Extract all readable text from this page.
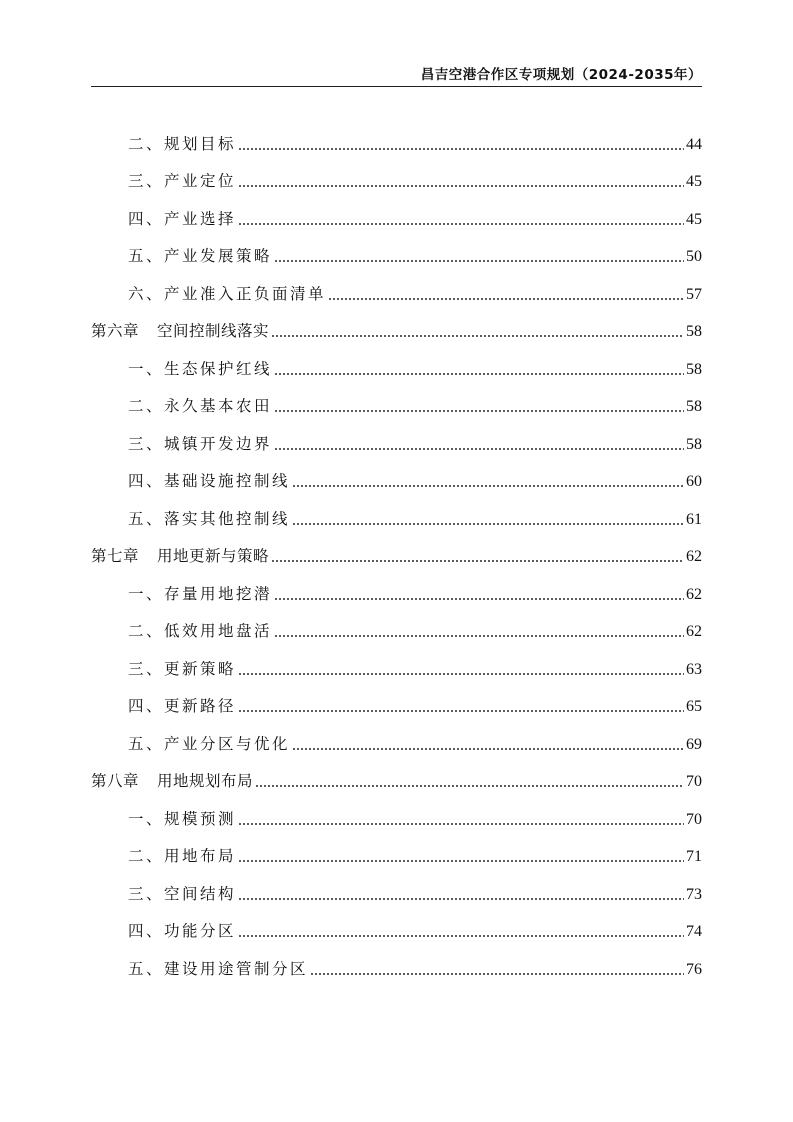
昌吉空港合作区专项规划（2024-2035年）
二、规划目标	44
三、产业定位	45
四、产业选择	45
五、产业发展策略	50
六、产业准入正负面清单	57
第六章 空间控制线落实	58
一、生态保护红线	58
二、永久基本农田	58
三、城镇开发边界	58
四、基础设施控制线	60
五、落实其他控制线	61
第七章 用地更新与策略	62
一、存量用地挖潜	62
二、低效用地盘活	62
三、更新策略	63
四、更新路径	65
五、产业分区与优化	69
第八章 用地规划布局	70
一、规模预测	70
二、用地布局	71
三、空间结构	73
四、功能分区	74
五、建设用途管制分区	76
